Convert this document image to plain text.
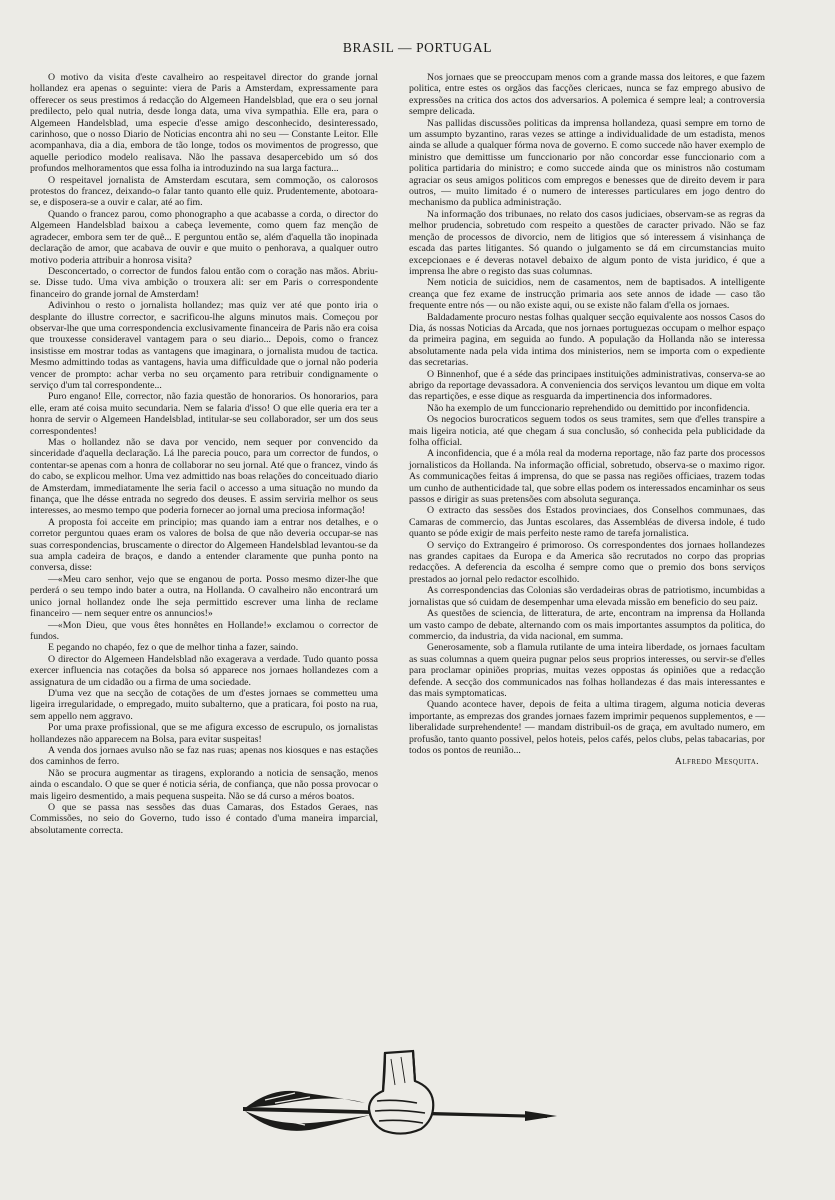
BRASIL — PORTUGAL

O motivo da visita d'este cavalheiro ao respeitavel director do grande jornal hollandez era apenas o seguinte: viera de Paris a Amsterdam, expressamente para offerecer os seus prestimos á redacção do Algemeen Handelsblad, que era o seu jornal predilecto, pelo qual nutria, desde longa data, uma viva sympathia. Elle era, para o Algemeen Handelsblad, uma especie d'esse amigo desconhecido, desinteressado, carinhoso, que o nosso Diario de Noticias encontra ahi no seu — Constante Leitor. Elle acompanhava, dia a dia, embora de tão longe, todos os movimentos de progresso, que aquelle periodico modelo realisava. Não lhe passava desapercebido um só dos profundos melhoramentos que essa folha ia introduzindo na sua larga factura...

O respeitavel jornalista de Amsterdam escutara, sem commoção, os calorosos protestos do francez, deixando-o falar tanto quanto elle quiz. Prudentemente, abotoara-se, e disposera-se a ouvir e calar, até ao fim.

Quando o francez parou, como phonographo a que acabasse a corda, o director do Algemeen Handelsblad baixou a cabeça levemente, como quem faz menção de agradecer, embora sem ter de quê... E perguntou então se, além d'aquella tão inopinada declaração de amor, que acabava de ouvir e que muito o penhorava, a qualquer outro motivo poderia attribuir a honrosa visita?

Desconcertado, o corrector de fundos falou então com o coração nas mãos. Abriu-se. Disse tudo. Uma viva ambição o trouxera ali: ser em Paris o correspondente financeiro do grande jornal de Amsterdam!

Adivinhou o resto o jornalista hollandez; mas quiz ver até que ponto iria o desplante do illustre corrector, e sacrificou-lhe alguns minutos mais. Começou por observar-lhe que uma correspondencia exclusivamente financeira de Paris não era coisa que trouxesse consideravel vantagem para o seu diario... Depois, como o francez insistisse em mostrar todas as vantagens que imaginara, o jornalista mudou de tactica. Mesmo admittindo todas as vantagens, havia uma difficuldade que o jornal não poderia vencer de prompto: achar verba no seu orçamento para retribuir condignamente o serviço d'um tal correspondente...

Puro engano! Elle, corrector, não fazia questão de honorarios. Os honorarios, para elle, eram até coisa muito secundaria. Nem se falaria d'isso! O que elle queria era ter a honra de servir o Algemeen Handelsblad, intitular-se seu collaborador, ser um dos seus correspondentes!

Mas o hollandez não se dava por vencido, nem sequer por convencido da sinceridade d'aquella declaração. Lá lhe parecia pouco, para um corrector de fundos, o contentar-se apenas com a honra de collaborar no seu jornal. Até que o francez, vindo ás do cabo, se explicou melhor. Uma vez admittido nas boas relações do conceituado diario de Amsterdam, immediatamente lhe seria facil o accesso a uma situação no mundo da finança, que lhe désse entrada no segredo dos deuses. E assim serviria melhor os seus interesses, ao mesmo tempo que poderia fornecer ao jornal uma preciosa informação!

A proposta foi acceite em principio; mas quando iam a entrar nos detalhes, e o corretor perguntou quaes eram os valores de bolsa de que não deveria occupar-se nas suas correspondencias, bruscamente o director do Algemeen Handelsblad levantou-se da sua ampla cadeira de braços, e dando a entender claramente que punha ponto na conversa, disse:

—«Meu caro senhor, vejo que se enganou de porta. Posso mesmo dizer-lhe que perderá o seu tempo indo bater a outra, na Hollanda. O cavalheiro não encontrará um unico jornal hollandez onde lhe seja permittido escrever uma linha de reclame financeiro — nem sequer entre os annuncios!»

—«Mon Dieu, que vous êtes honnêtes en Hollande!» exclamou o corrector de fundos.

E pegando no chapéo, fez o que de melhor tinha a fazer, saindo.

O director do Algemeen Handelsblad não exagerava a verdade. Tudo quanto possa exercer influencia nas cotações da bolsa só apparece nos jornaes hollandezes com a assignatura de um cidadão ou a firma de uma sociedade.

D'uma vez que na secção de cotações de um d'estes jornaes se commetteu uma ligeira irregularidade, o empregado, muito subalterno, que a praticara, foi posto na rua, sem appello nem aggravo.

Por uma praxe profissional, que se me afigura excesso de escrupulo, os jornalistas hollandezes não apparecem na Bolsa, para evitar suspeitas!

A venda dos jornaes avulso não se faz nas ruas; apenas nos kiosques e nas estações dos caminhos de ferro.

Não se procura augmentar as tiragens, explorando a noticia de sensação, menos ainda o escandalo. O que se quer é noticia séria, de confiança, que não possa provocar o mais ligeiro desmentido, a mais pequena suspeita. Não se dá curso a méros boatos.

O que se passa nas sessões das duas Camaras, dos Estados Geraes, nas Commissões, no seio do Governo, tudo isso é contado d'uma maneira imparcial, absolutamente correcta.

Nos jornaes que se preoccupam menos com a grande massa dos leitores, e que fazem politica, entre estes os orgãos das facções clericaes, nunca se faz emprego abusivo de expressões na critica dos actos dos adversarios. A polemica é sempre leal; a controversia sempre delicada.

Nas pallidas discussões politicas da imprensa hollandeza, quasi sempre em torno de um assumpto byzantino, raras vezes se attinge a individualidade de um estadista, menos ainda se allude a qualquer fórma nova de governo. E como succede não haver exemplo de ministro que demittisse um funccionario por não concordar esse funccionario com a politica partidaria do ministro; e como succede ainda que os ministros não costumam agraciar os seus amigos politicos com empregos e benesses que de direito devem ir para outros, — muito limitado é o numero de interesses particulares em jogo dentro do mechanismo da publica administração.

Na informação dos tribunaes, no relato dos casos judiciaes, observam-se as regras da melhor prudencia, sobretudo com respeito a questões de caracter privado. Não se faz menção de processos de divorcio, nem de litigios que só interessem á visinhança de escada das partes litigantes. Só quando o julgamento se dá em circumstancias muito excepcionaes e é deveras notavel debaixo de algum ponto de vista juridico, é que a imprensa lhe abre o registo das suas columnas.

Nem noticia de suicidios, nem de casamentos, nem de baptisados. A intelligente creança que fez exame de instrucção primaria aos sete annos de idade — caso tão frequente entre nós — ou não existe aqui, ou se existe não falam d'ella os jornaes.

Baldadamente procuro nestas folhas qualquer secção equivalente aos nossos Casos do Dia, ás nossas Noticias da Arcada, que nos jornaes portuguezas occupam o melhor espaço da primeira pagina, em seguida ao fundo. A população da Hollanda não se interessa absolutamente nada pela vida intima dos ministerios, nem se importa com o expediente das secretarias.

O Binnenhof, que é a séde das principaes instituições administrativas, conserva-se ao abrigo da reportage devassadora. A conveniencia dos serviços levantou um dique em volta das repartições, e esse dique as resguarda da impertinencia dos informadores.

Não ha exemplo de um funccionario reprehendido ou demittido por inconfidencia.

Os negocios burocraticos seguem todos os seus tramites, sem que d'elles transpire a mais ligeira noticia, até que chegam á sua conclusão, só conhecida pela publicidade da folha official.

A inconfidencia, que é a móla real da moderna reportage, não faz parte dos processos jornalisticos da Hollanda. Na informação official, sobretudo, observa-se o maximo rigor. As communicações feitas á imprensa, do que se passa nas regiões officiaes, trazem todas um cunho de authenticidade tal, que sobre ellas podem os interessados encaminhar os seus passos e dirigir as suas pretensões com absoluta segurança.

O extracto das sessões dos Estados provinciaes, dos Conselhos communaes, das Camaras de commercio, das Juntas escolares, das Assembléas de diversa indole, é tudo quanto se póde exigir de mais perfeito neste ramo de tarefa jornalistica.

O serviço do Extrangeiro é primoroso. Os correspondentes dos jornaes hollandezes nas grandes capitaes da Europa e da America são recrutados no corpo das proprias redacções. A deferencia da escolha é sempre como que o premio dos bons serviços prestados ao jornal pelo redactor escolhido.

As correspondencias das Colonias são verdadeiras obras de patriotismo, incumbidas a jornalistas que só cuidam de desempenhar uma elevada missão em beneficio do seu paiz.

As questões de sciencia, de litteratura, de arte, encontram na imprensa da Hollanda um vasto campo de debate, alternando com os mais importantes assumptos da politica, do commercio, da industria, da vida nacional, em summa.

Generosamente, sob a flamula rutilante de uma inteira liberdade, os jornaes facultam as suas columnas a quem queira pugnar pelos seus proprios interesses, ou servir-se d'elles para proclamar opiniões proprias, muitas vezes oppostas ás opiniões que a redacção defende. A secção dos communicados nas folhas hollandezas é das mais interessantes e das mais symptomaticas.

Quando acontece haver, depois de feita a ultima tiragem, alguma noticia deveras importante, as emprezas dos grandes jornaes fazem imprimir pequenos supplementos, e — liberalidade surprehendente! — mandam distribuil-os de graça, em avultado numero, em profusão, tanto quanto possivel, pelos hoteis, pelos cafés, pelos clubs, pelas tabacarias, por todos os pontos de reunião...

Alfredo Mesquita.
